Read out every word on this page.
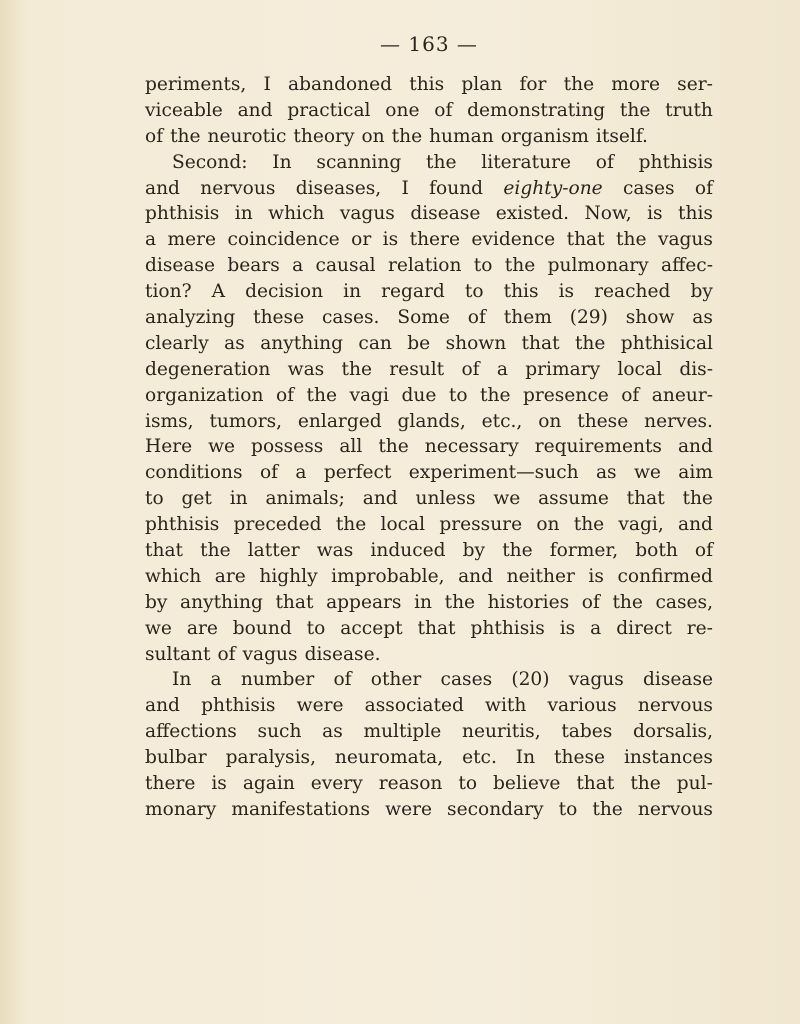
— 163 —
periments, I abandoned this plan for the more ser-
viceable and practical one of demonstrating the truth
of the neurotic theory on the human organism itself.
Second: In scanning the literature of phthisis
and nervous diseases, I found eighty-one cases of
phthisis in which vagus disease existed. Now, is this
a mere coincidence or is there evidence that the vagus
disease bears a causal relation to the pulmonary affec-
tion? A decision in regard to this is reached by
analyzing these cases. Some of them (29) show as
clearly as anything can be shown that the phthisical
degeneration was the result of a primary local dis-
organization of the vagi due to the presence of aneur-
isms, tumors, enlarged glands, etc., on these nerves.
Here we possess all the necessary requirements and
conditions of a perfect experiment—such as we aim
to get in animals; and unless we assume that the
phthisis preceded the local pressure on the vagi, and
that the latter was induced by the former, both of
which are highly improbable, and neither is confirmed
by anything that appears in the histories of the cases,
we are bound to accept that phthisis is a direct re-
sultant of vagus disease.
In a number of other cases (20) vagus disease
and phthisis were associated with various nervous
affections such as multiple neuritis, tabes dorsalis,
bulbar paralysis, neuromata, etc. In these instances
there is again every reason to believe that the pul-
monary manifestations were secondary to the nervous
